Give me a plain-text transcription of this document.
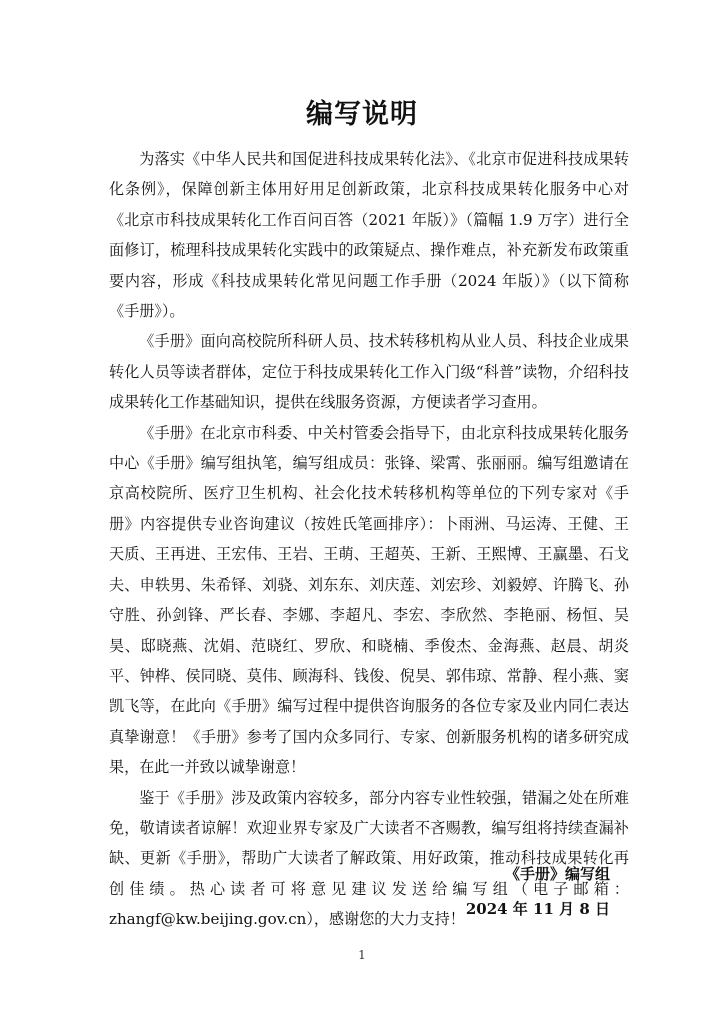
编写说明

为落实《中华人民共和国促进科技成果转化法》、《北京市促进科技成果转化条例》，保障创新主体用好用足创新政策，北京科技成果转化服务中心对《北京市科技成果转化工作百问百答（2021 年版）》（篇幅 1.9 万字）进行全面修订，梳理科技成果转化实践中的政策疑点、操作难点，补充新发布政策重要内容，形成《科技成果转化常见问题工作手册（2024 年版）》（以下简称《手册》）。

《手册》面向高校院所科研人员、技术转移机构从业人员、科技企业成果转化人员等读者群体，定位于科技成果转化工作入门级“科普”读物，介绍科技成果转化工作基础知识，提供在线服务资源，方便读者学习查用。

《手册》在北京市科委、中关村管委会指导下，由北京科技成果转化服务中心《手册》编写组执笔，编写组成员：张锋、梁霄、张丽丽。编写组邀请在京高校院所、医疗卫生机构、社会化技术转移机构等单位的下列专家对《手册》内容提供专业咨询建议（按姓氏笔画排序）：卜雨洲、马运涛、王健、王天质、王再进、王宏伟、王岩、王萌、王超英、王新、王熙博、王赢墨、石戈夫、申轶男、朱希铎、刘骁、刘东东、刘庆莲、刘宏珍、刘毅婷、许腾飞、孙守胜、孙剑锋、严长春、李娜、李超凡、李宏、李欣然、李艳丽、杨恒、吴昊、邸晓燕、沈娟、范晓红、罗欣、和晓楠、季俊杰、金海燕、赵晨、胡炎平、钟桦、侯同晓、莫伟、顾海科、钱俊、倪昊、郭伟琼、常静、程小燕、窦凯飞等，在此向《手册》编写过程中提供咨询服务的各位专家及业内同仁表达真挚谢意！《手册》参考了国内众多同行、专家、创新服务机构的诸多研究成果，在此一并致以诚挚谢意！

鉴于《手册》涉及政策内容较多，部分内容专业性较强，错漏之处在所难免，敬请读者谅解！欢迎业界专家及广大读者不吝赐教，编写组将持续查漏补缺、更新《手册》，帮助广大读者了解政策、用好政策，推动科技成果转化再创佳绩。热心读者可将意见建议发送给编写组（电子邮箱：zhangf@kw.beijing.gov.cn），感谢您的大力支持！

《手册》编写组
2024 年 11 月 8 日
1
